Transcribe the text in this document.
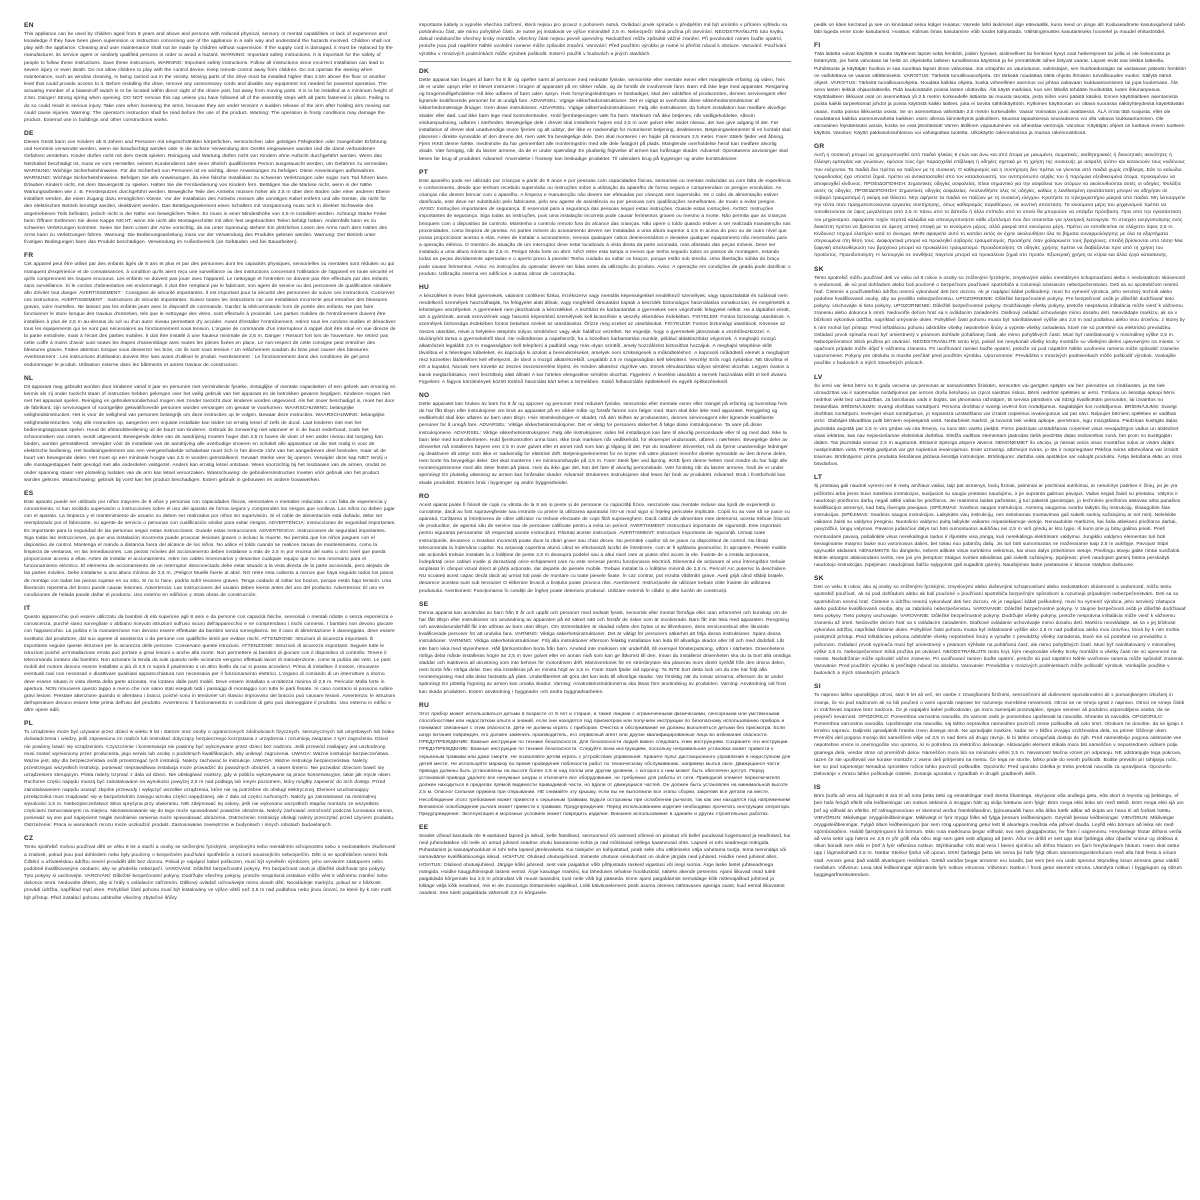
EN

This appliance can be used by children aged from 8 years and above and persons with reduced physical, sensory or mental capabilities or lack of experience and knowledge if they have been given supervision or instruction concerning use of the appliance in a safe way and understand the hazards involved. Children shall not play with the appliance. Cleaning and user maintenance shall not be made by children without supervision. If the supply cord is damaged, it must be replaced by the manufacturer, its service agent or similarly qualified persons in order to avoid a hazard. WARNING: Important safety instructions. It is important for the safety of people to follow these instructions. Save these instructions. WARNING: Important safety instructions. Follow all instructions since incorrect installation can lead to severe injury or even death. Do not allow children to play with the control device. Keep remote control away from children. Do not operate the awning when maintenance, such as window cleaning, is being carried out in the vicinity. Moving parts of the drive must be installed higher than 2.5m above the floor or another level that could provide access to it. Before installing the drive, remove any unnecessary cords and disable any equipment not needed for powered operation. The actuating member of a biased-off switch is to be located within direct sight of the driven part, but away from moving parts. It is to be installed at a minimum height of 2.5m. Danger! Strong spring when opening. DO NOT remove this cap unless you have followed all of the assembly steps with all parts fastened in place. Failing to do so could result in serious injury. Take care when loosening the arms, because they are under tension! A sudden release of the arm after holding arm moving out could cause injuries. Warning: The operator's instruction shall be read before the use of the product. Warning: The operation in frosty conditions may damage the product. External use in buildings and other constructions works.

DE

Dieses Gerät kann von Kindern ab 8 Jahren und Personen mit eingeschränkten körperlichen, sensorischen oder geistigen Fähigkeiten oder mangelnder Erfahrung und Kenntnis verwendet werden, wenn sie beaufsichtigt werden oder in die sichere Verwendung des Geräts eingewiesen wurden und die damit verbundenen Gefahren verstehen. Kinder dürfen nicht mit dem Gerät spielen. Reinigung und Wartung dürfen nicht von Kindern ohne Aufsicht durchgeführt werden. Wenn das Netzkabel beschädigt ist, muss es vom Hersteller, seinem Kundendienst oder einer ähnlich qualifizierten Person ausgetauscht werden, um Gefahren zu vermeiden. WARNUNG: Wichtige Sicherheitshinweise. Für die Sicherheit von Personen ist es wichtig, diese Anweisungen zu befolgen. Diese Anweisungen aufbewahren. WARNUNG: Wichtige Sicherheitshinweise. Befolgen Sie alle Anweisungen, da eine falsche Installation zu schweren Verletzungen oder sogar zum Tod führen kann. Erlauben Kindern nicht, mit dem Steuergerät zu spielen. Halten Sie die Fernbedienung von Kindern fern. Betätigen Sie die Markise nicht, wenn in der Nähe Wartungsarbeiten wie z. B. Fensterputzen durchgeführt werden. Bewegliche Teile des Antriebs müssen höher als 2,5 m über dem Boden oder einer anderen Ebene installiert werden, die einen Zugang dazu ermöglichen könnte. Vor der Installation des Antriebs müssen alle unnötigen Kabel entfernt und alle Geräte, die nicht für den elektrischen Betrieb benötigt werden, deaktiviert werden. Das Betätigungselement eines Schalters mit Vorspannung muss sich in direkter Sichtweite des angetriebenen Teils befinden, jedoch nicht in der Nähe von beweglichen Teilen. Es muss in einer Mindesthöhe von 2,5 m installiert werden. Achtung! Starke Feder beim Öffnen! Entfernen Sie diese Kappe NICHT, wenn Sie nicht alle Montageschritte mit allen fest angebrachten Teilen befolgt haben. Andernfalls kann es zu schweren Verletzungen kommen. Seien Sie beim Lösen der Arme vorsichtig, da sie unter Spannung stehen! Ein plötzliches Lösen des Arms nach dem Halten des Arms kann zu Verletzungen führen. Warnung: Die Bedienungsanleitung muss vor der Verwendung des Produkts gelesen werden. Warnung: Der Betrieb unter frostigen Bedingungen kann das Produkt beschädigen. Verwendung im Außenbereich (an Gebäuden und bei Bauarbeiten).

FR

Cet appareil peut être utilisé par des enfants âgés de 8 ans et plus et par des personnes dont les capacités physiques, sensorielles ou mentales sont réduites ou qui manquent d'expérience et de connaissances, à condition qu'ils aient reçu une surveillance ou des instructions concernant l'utilisation de l'appareil en toute sécurité et qu'ils comprennent les risques encourus. Les enfants ne doivent pas jouer avec l'appareil. Le nettoyage et l'entretien ne doivent pas être effectués par des enfants sans surveillance. Si le cordon d'alimentation est endommagé, il doit être remplacé par le fabricant, son agent de service ou des personnes de qualification similaire afin d'éviter tout danger. AVERTISSEMENT : Consignes de sécurité importantes. Il est important pour la sécurité des personnes de suivre ces instructions. Conservez ces instructions. AVERTISSEMENT : Instructions de sécurité importantes. Suivez toutes les instructions car une installation incorrecte peut entraîner des blessures graves, voire mortelles. Ne laissez pas les enfants jouer avec le dispositif de commande. Gardez la télécommande hors de portée des enfants. Ne pas faire fonctionner le store lorsque des travaux d'entretien, tels que le nettoyage des vitres, sont effectués à proximité. Les parties mobiles de l'entraînement doivent être installées à plus de 2,5 m au-dessus du sol ou d'un autre niveau permettant d'y accéder. Avant d'installer l'entraînement, retirez tous les cordons inutiles et désactivez tous les équipements qui ne sont pas nécessaires au fonctionnement sous tension. L'organe de commande d'un interrupteur à rappel doit être situé en vue directe de la partie entraînée, mais à l'écart des parties mobiles. Il doit être installé à une hauteur minimale de 2,5 m. Danger ! Ressort fort lors de l'ouverture. Ne retirez pas cette coiffe à moins d'avoir suivi toutes les étapes d'assemblage avec toutes les pièces fixées en place. Le non-respect de cette consigne peut entraîner des blessures graves. Faites attention lorsque vous desserrez les bras, car ils sont sous tension ! Un relâchement soudain du bras peut causer des blessures. Avertissement : Les instructions d'utilisation doivent être lues avant d'utiliser le produit. Avertissement : Le fonctionnement dans des conditions de gel peut endommager le produit. Utilisation externe dans les bâtiments et autres travaux de construction.

NL

Dit apparaat mag gebruikt worden door kinderen vanaf 8 jaar en personen met verminderde fysieke, zintuiglijke of mentale capaciteiten of een gebrek aan ervaring en kennis als zij onder toezicht staan of instructies hebben gekregen over het veilig gebruik van het apparaat en de betrokken gevaren begrijpen. Kinderen mogen niet met het apparaat spelen. Reiniging en gebruikersonderhoud mogen niet zonder toezicht door kinderen worden uitgevoerd. Als het snoer beschadigd is, moet het door de fabrikant, zijn serviceagent of soortgelijke gekwalificeerde personen worden vervangen om gevaar te voorkomen. WAARSCHUWING: belangrijke veiligheidsinstructies. Het is voor de veiligheid van personen belangrijk om deze instructies op te volgen. Bewaar deze instructies. WAARSCHUWING: belangrijke veiligheidsinstructies. Volg alle instructies op, aangezien een onjuiste installatie kan leiden tot ernstig letsel of zelfs de dood. Laat kinderen niet met het bedieningsapparaat spelen. Houd de afstandsbediening uit de buurt van kinderen. Gebruik de zonwering niet wanneer er in de buurt onderhoud, zoals het schoonmaken van ramen, wordt uitgevoerd. Bewegende delen van de aandrijving moeten hoger dan 2,5 m boven de vloer of een ander niveau dat toegang kan bieden, worden geïnstalleerd. Verwijder vóór de installatie van de aandrijving alle overbodige snoeren en schakel alle apparatuur uit die niet nodig is voor de elektrische bediening. Het bedieningselement van een veergeschakelde schakelaar moet zich in het directe zicht van het aangedreven deel bevinden, maar uit de buurt van bewegende delen. Het moet op een minimale hoogte van 2,5 m worden geïnstalleerd. Gevaar! Sterke veer bij openen. Verwijder deze kap NIET tenzij u alle montagestappen hebt gevolgd met alle onderdelen vastgezet. Anders kan ernstig letsel ontstaan. Wees voorzichtig bij het losdraaien van de armen, omdat ze onder spanning staan! Het plotseling loslaten van de arm kan letsel veroorzaken. Waarschuwing: de gebruikersinstructies moeten vóór gebruik van het product worden gelezen. Waarschuwing: gebruik bij vorst kan het product beschadigen. Extern gebruik in gebouwen en andere bouwwerken.

ES

Este aparato puede ser utilizado por niños mayores de 8 años y personas con capacidades físicas, sensoriales o mentales reducidas o con falta de experiencia y conocimiento, si han recibido supervisión o instrucciones sobre el uso del aparato de forma segura y comprenden los riesgos que conlleva. Los niños no deben jugar con el aparato. La limpieza y el mantenimiento de usuario no deben ser realizados por niños sin supervisión. Si el cable de alimentación está dañado, debe ser reemplazado por el fabricante, su agente de servicio o personas con cualificación similar para evitar riesgos. ADVERTENCIA: Instrucciones de seguridad importantes. Es importante para la seguridad de las personas seguir estas instrucciones. Guarde estas instrucciones. ADVERTENCIA: Instrucciones de seguridad importantes. Siga todas las instrucciones, ya que una instalación incorrecta puede provocar lesiones graves o incluso la muerte. No permita que los niños jueguen con el dispositivo de control. Mantenga el mando a distancia fuera del alcance de los niños. No utilice el toldo cuando se realicen tareas de mantenimiento, como la limpieza de ventanas, en las inmediaciones. Las piezas móviles del accionamiento deben instalarse a más de 2,5 m por encima del suelo u otro nivel que pueda proporcionar acceso a ellas. Antes de instalar el accionamiento, retire los cables innecesarios y desactive cualquier equipo que no sea necesario para el funcionamiento eléctrico. El elemento de accionamiento de un interruptor desconectado debe estar situado a la vista directa de la parte accionada, pero alejado de las partes móviles. Debe instalarse a una altura mínima de 2,5 m. ¡Peligro! Muelle fuerte al abrir. NO retire esta cubierta a menos que haya seguido todos los pasos de montaje con todas las piezas sujetas en su sitio. Si no lo hace, podría sufrir lesiones graves. Tenga cuidado al soltar los brazos, porque están bajo tensión. Una liberación repentina del brazo puede causar lesiones. Advertencia: Las instrucciones del usuario deben leerse antes del uso del producto. Advertencia: El uso en condiciones de helada puede dañar el producto. Uso externo en edificios y otras obras de construcción.

IT

Questo apparecchio può essere utilizzato da bambini di età superiore agli 8 anni e da persone con capacità fisiche, sensoriali o mentali ridotte o senza esperienza e conoscenza, purché siano sorvegliate o abbiano ricevuto istruzioni sull'uso sicuro dell'apparecchio e ne comprendano i rischi connessi. I bambini non devono giocare con l'apparecchio. La pulizia e la manutenzione non devono essere effettuate da bambini senza sorveglianza. Se il cavo di alimentazione è danneggiato, deve essere sostituito dal produttore, dal suo agente di assistenza o da persone con qualifiche simili per evitare rischi. ATTENZIONE: Istruzioni di sicurezza importanti. È importante seguire queste istruzioni per la sicurezza delle persone. Conservare queste istruzioni. ATTENZIONE: Istruzioni di sicurezza importanti. Seguire tutte le istruzioni poiché un'installazione errata può portare a gravi lesioni o anche alla morte. Non permettere ai bambini di giocare con il dispositivo di controllo. Tenere il telecomando lontano dai bambini. Non azionare la tenda da sole quando nelle vicinanze vengono effettuati lavori di manutenzione, come la pulizia dei vetri. Le parti mobili del motore devono essere installate a più di 2,5 m sopra il pavimento o un altro livello da cui si possa accedervi. Prima di installare il motore, rimuovere eventuali cavi non necessari e disattivare qualsiasi apparecchiatura non necessaria per il funzionamento elettrico. L'organo di comando di un interruttore a ritorno deve essere situato in vista diretta della parte azionata, ma lontano dalle parti mobili. Deve essere installato a un'altezza minima di 2,5 m. Pericolo! Molla forte in apertura. NON rimuovere questo tappo a meno che non siano stati eseguiti tutti i passaggi di montaggio con tutte le parti fissate. In caso contrario si possono subire gravi lesioni. Prestare attenzione quando si allentano i bracci, poiché sono in tensione! Un rilascio improvviso del braccio può causare lesioni. Avvertenza: le istruzioni dell'operatore devono essere lette prima dell'uso del prodotto. Avvertenza: il funzionamento in condizioni di gelo può danneggiare il prodotto. Uso esterno in edifici e altre opere edili.

PL

To urządzenie może być używane przez dzieci w wieku 8 lat i starsze oraz osoby o ograniczonych zdolnościach fizycznych, sensorycznych lub umysłowych lub braku doświadczenia i wiedzy, jeśli zapewniono im nadzór lub instruktaż dotyczący bezpiecznego korzystania z urządzenia i rozumieją związane z tym zagrożenia. Dzieci nie powinny bawić się urządzeniem. Czyszczenie i konserwacja nie powinny być wykonywane przez dzieci bez nadzoru. Jeśli przewód zasilający jest uszkodzony, musi zostać wymieniony przez producenta, jego serwis lub osobę o podobnych kwalifikacjach, aby uniknąć zagrożenia. UWAGA: Ważne instrukcje bezpieczeństwa. Ważne jest, aby dla bezpieczeństwa osób przestrzegać tych instrukcji. Należy zachować te instrukcje. UWAGA: Ważne instrukcje bezpieczeństwa. Należy przestrzegać wszystkich instrukcji, ponieważ nieprawidłowa instalacja może prowadzić do poważnych obrażeń, a nawet śmierci. Nie pozwalać dzieciom bawić się urządzeniem sterującym. Pilota należy trzymać z dala od dzieci. Nie obsługiwać markizy, gdy w pobliżu wykonywane są prace konserwacyjne, takie jak mycie okien. Ruchome części napędu muszą być zainstalowane na wysokości powyżej 2,5 m nad podłogą lub innym poziomem, który mógłby zapewnić do nich dostęp. Przed zainstalowaniem napędu usunąć zbędne przewody i wyłączyć wszelkie urządzenia, które nie są potrzebne do obsługi elektrycznej. Element uruchamiający przełącznika musi znajdować się w bezpośrednim zasięgu wzroku części napędzanej, ale z dala od części ruchomych. Należy go zainstalować na minimalnej wysokości 2,5 m. Niebezpieczeństwo! Silna sprężyna przy otwieraniu. NIE zdejmować tej osłony, jeśli nie wykonano wszystkich etapów montażu ze wszystkimi częściami zamocowanymi na miejscu. Niezastosowanie się do tego może spowodować poważne obrażenia. Należy zachować ostrożność podczas luzowania ramion, ponieważ są one pod napięciem! Nagłe zwolnienie ramienia może spowodować obrażenia. Ostrzeżenie: Instrukcję obsługi należy przeczytać przed użyciem produktu. Ostrzeżenie: Praca w warunkach mrozu może uszkodzić produkt. Zastosowanie zewnętrzne w budynkach i innych robotach budowlanych.

CZ

Tento spotřebič mohou používat děti ve věku 8 let a starší a osoby se sníženými fyzickými, smyslovými nebo mentálními schopnostmi nebo s nedostatkem zkušeností a znalostí, pokud jsou pod dohledem nebo byly poučeny o bezpečném používání spotřebiče a rozumí souvisejícím nebezpečím. Děti si se spotřebičem nesmí hrát. Čištění a uživatelskou údržbu nesmí provádět děti bez dozoru. Pokud je napájecí kabel poškozen, musí být vyměněn výrobcem, jeho servisním zástupcem nebo podobně kvalifikovanými osobami, aby se předešlo nebezpečí. VAROVÁNÍ: Důležité bezpečnostní pokyny. Pro bezpečnost osob je důležité dodržovat tyto pokyny. Tyto pokyny si uschovejte. VAROVÁNÍ: Důležité bezpečnostní pokyny. Dodržujte všechny pokyny, protože nesprávná instalace může vést k vážnému zranění nebo dokonce smrti. Nedovolte dětem, aby si hrály s ovládacím zařízením. Dálkový ovladač uchovávejte mimo dosah dětí. Neovládejte markýzu, pokud se v blízkosti provádí údržba, například mytí oken. Pohyblivé části pohonu musí být instalovány ve výšce větší než 2,5 m nad podlahou nebo jinou úrovní, ze které by k nim mohl být přístup. Před instalací pohonu odstraňte všechny zbytečné šňůry.

importante kabely a vypněte všechna zařízení, která nejsou pro provoz s pohonem nutná. Ovládací prvek spínače s předpětím má být umístěn v přímém výhledu na poháněnou část, ale mimo pohyblivé části. Je nutné jej instalovat ve výšce minimálně 2,5 m. Nebezpečí! Silná pružina při otevírání. NEODSTRAŇUJTE tuto krytku, dokud nedokončíte všechny kroky montáže, všechny části nejsou pevně upevněny. Nedodržení může způsobit vážné zranění. Při povolování ramen buďte opatrní, protože jsou pod napětím! Náhlé uvolnění ramene může způsobit zranění. Varování: Před použitím výrobku je nutné si přečíst návod k obsluze. Varování: Používání výrobku v mrazivých podmínkách může výrobek poškodit. Externí použití v budovách a jiných stavbách.

DK

Dette apparat kan bruges af børn fra 8 år og opefter samt af personer med nedsatte fysiske, sensoriske eller mentale evner eller manglende erfaring og viden, hvis de er under opsyn eller er blevet instrueret i brugen af apparatet på en sikker måde, og de forstår de involverede farer. Børn må ikke lege med apparatet. Rengøring og brugervedligeholdelse må ikke udføres af børn uden opsyn. Hvis forsyningsledningen er beskadiget, skal den udskiftes af producenten, dennes serviceagent eller lignende kvalificerede personer for at undgå fare. ADVARSEL: Vigtige sikkerhedsinstruktioner. Det er vigtigt at overholde disse sikkerhedsinstruktioner af sikkerhedsmæssige årsager. Gem disse instruktioner. ADVARSEL: Vigtige sikkerhedsinstruktioner. Følg alle instruktioner, da forkert installation kan medføre alvorlige skader eller død. Lad ikke børn lege med kontrolenheden. Hold fjernbetjeningen væk fra børn. Markisen må ikke betjenes, når vedligeholdelse, såsom vinduespudsning, udføres i nærheden. Bevægelige dele i drevet skal installeres højere end 2,5 m over gulvet eller andet niveau, der kan give adgang til det. Før installation af drevet skal unødvendige snore fjernes og alt udstyr, der ikke er nødvendigt for motoriseret betjening, deaktiveres. Betjeningselementet til en kontakt skal placeres i direkte synsvidde af den drevne del, men væk fra bevægelige dele. Den skal monteres i en højde på minimum 2,5 meter. Fare! Stærk fjeder ved åbning. Fjern IKKE denne hætte, medmindre du har gennemført alle monteringstrin med alle dele fastgjort på plads. Manglende overholdelse heraf kan medføre alvorlig skade. Vær forsigtig, når du løsner armene, da de er under spænding! En pludselig frigivelse af armen kan forårsage skader. Advarsel: Operatørens anvisninger skal læses før brug af produktet. Advarsel: Anvendelse i frostvejr kan beskadige produktet. Til udendørs brug på bygninger og andre konstruktioner.

PT

Este aparelho pode ser utilizado por crianças a partir de 8 anos e por pessoas com capacidades físicas, sensoriais ou mentais reduzidas ou com falta de experiência e conhecimento, desde que tenham recebido supervisão ou instruções sobre a utilização do aparelho de forma segura e compreendam os perigos envolvidos. As crianças não devem brincar com o aparelho. A limpeza e manutenção não devem ser efetuadas por crianças sem supervisão. Se o cabo de alimentação estiver danificado, este deve ser substituído pelo fabricante, pelo seu agente de assistência ou por pessoas com qualificações semelhantes, de modo a evitar perigos. AVISO: Instruções importantes de segurança. É essencial para a segurança das pessoas seguir estas instruções. Guarde estas instruções. AVISO: Instruções importantes de segurança. Siga todas as instruções, pois uma instalação incorreta pode causar ferimentos graves ou mesmo a morte. Não permita que as crianças brinquem com o dispositivo de controlo. Mantenha o controlo remoto fora do alcance das crianças. Não opere o toldo quando estiver a ser realizada manutenção nas proximidades, como limpeza de janelas. As partes móveis do acionamento devem ser instaladas a uma altura superior a 2,5 m acima do piso ou de outro nível que possa proporcionar acesso a elas. Antes de instalar o acionamento, remova quaisquer cabos desnecessários e desative qualquer equipamento não necessário para a operação elétrica. O membro de atuação de um interruptor deve estar localizado à vista direta da parte acionada, mas afastado das peças móveis. Deve ser instalado a uma altura mínima de 2,5 m. Perigo! Mola forte ao abrir. NÃO retire esta tampa a menos que tenha seguido todos os passos de montagem, estando todas as peças devidamente apertadas e o aperto preso à parede! Tenha cuidado ao soltar os braços, porque estão sob tensão. Uma libertação súbita do braço pode causar ferimentos. Aviso: As instruções do operador devem ser lidas antes da utilização do produto. Aviso: A operação em condições de geada pode danificar o produto. Utilização externa em edifícios e outras obras de construção.

HU

A készüléket 8 éven felüli gyermekek, valamint csökkent fizikai, érzékszervi vagy mentális képességekkel rendelkező személyek, vagy tapasztalattal és tudással nem rendelkező személyek használhatják, ha felügyelet alatt állnak, vagy megfelelő útmutatást kaptak a készülék biztonságos használatára vonatkozóan, és megértették a lehetséges veszélyeket. A gyermekek nem játszhatnak a készülékkel. A tisztítást és karbantartást a gyermekek nem végezhetik felügyelet nélkül. Ha a tápkábel sérült, azt a gyártónak, annak szervizének vagy hasonló képesítésű személynek kell kicserélnie a veszély elkerülése érdekében. FIGYELEM: Fontos biztonsági utasítások. A személyek biztonsága érdekében fontos betartani ezeket az utasításokat. Őrizze meg ezeket az utasításokat. FIGYELEM: Fontos biztonsági utasítások. Kövesse az összes utasítást, mivel a helytelen telepítés súlyos sérüléshez vagy akár halálhoz vezethet. Ne engedje, hogy a gyermekek játsszanak a vezérlőeszközzel. A távirányítót tartsa a gyermekektől távol. Ne működtesse a napellenzőt, ha a közelben karbantartási munkát, például ablaktisztítást végeznek. A meghajtó mozgó alkatrészeit legalább 2,5 m magasságban kell telepíteni a padlótól vagy más olyan szinttől, amely hozzáférést biztosíthat hozzájuk. A meghajtó telepítése előtt távolítsa el a felesleges kábeleket, és kapcsolja ki azokat a berendezéseket, amelyek nem szükségesek a működtetéshez. A kapcsoló működtető elemét a meghajtott rész közvetlen látóterében kell elhelyezni, de távol a mozgó alkatrészektől. Legalább 2,5 m magasságban kell telepíteni. Veszély! Erős rugó nyitáskor. NE távolítsa el ezt a kupakot, hacsak nem követte az összes összeszerelési lépést, és minden alkatrész rögzítve van. Ennek elmulasztása súlyos sérülést okozhat. Legyen óvatos a karok meglazításakor, mert feszültség alatt állnak! A kar hirtelen elengedése sérülést okozhat. Figyelem: A kezelési utasítást a termék használata előtt el kell olvasni. Figyelem: A fagyos körülmények között történő használat kárt tehet a termékben. Külső felhasználás épületeknél és egyéb építkezéseknél.

NO

Dette apparatet kan brukes av barn fra 8 år og oppover og personer med redusert fysiske, sensoriske eller mentale evner eller mangel på erfaring og kunnskap hvis de har fått tilsyn eller instruksjoner om bruk av apparatet på en sikker måte og forstår farene som følger med. Barn skal ikke leke med apparatet. Rengjøring og vedlikehold skal ikke utføres av barn uten tilsyn. Hvis strømledningen er skadet, må den skiftes av produsenten, dennes serviceagent eller lignende kvalifiserte personer for å unngå fare. ADVARSEL: Viktige sikkerhetsinstruksjoner. Det er viktig for personers sikkerhet å følge disse instruksjonene. Ta vare på disse instruksjonene. ADVARSEL: Viktige sikkerhetsinstruksjoner. Følg alle instruksjoner, siden feil installasjon kan føre til alvorlig personskade eller til og med død. Ikke la barn leke med kontrollenheten. Hold fjernkontrollen unna barn. Ikke bruk markisen når vedlikehold, for eksempel vindusvask, utføres i nærheten. Bevegelige deler av drivverket må installeres høyere enn 2,5 m over gulvet eller et annet nivå som kan gi tilgang til det. Før du installerer drivverket, må du fjerne unødvendige ledninger og deaktivere alt utstyr som ikke er nødvendig for elektrisk drift. Betjeningselementet for en bryter må være plassert innenfor direkte synsvidde av den drevne delen, men borte fra bevegelige deler. Det skal monteres i en minimumshøyde på 2,5 m. Fare! Sterk fjær ved åpning. IKKE fjern denne hetten med mindre du har fulgt alle monteringstrinnene med alle deler festet på plass. Hvis du ikke gjør det, kan det føre til alvorlig personskade. Vær forsiktig når du løsner armene, fordi de er under spenning! En plutselig utløsning av armen kan forårsake skader. Advarsel: Brukerens instruksjoner skal leses før bruk av produktet. Advarsel: Bruk i frostforhold kan skade produktet. Ekstern bruk i bygninger og andre byggearbeider.

RO

Acest aparat poate fi folosit de copii cu vârsta de la 8 ani și peste și de persoane cu capacități fizice, senzoriale sau mentale reduse sau lipsă de experiență și cunoștințe, dacă au fost supravegheate sau instruite cu privire la utilizarea aparatului într-un mod sigur și înțeleg pericolele implicate. Copiii nu au voie să se joace cu aparatul. Curățarea și întreținerea de către utilizator nu trebuie efectuate de copii fără supraveghere. Dacă cablul de alimentare este deteriorat, acesta trebuie înlocuit de producător, de agentul său de service sau de persoane calificate pentru a evita un pericol. AVERTISMENT: Instrucțiuni importante de siguranță. Este important pentru siguranța persoanelor să respectați aceste instrucțiuni. Păstrați aceste instrucțiuni. AVERTISMENT: Instrucțiuni importante de siguranță. Urmați toate instrucțiunile, deoarece o instalare incorectă poate duce la răniri grave sau chiar deces. Nu permiteți copiilor să se joace cu dispozitivul de control. Nu lăsați telecomanda la îndemâna copiilor. Nu acționați copertina atunci când se efectuează lucrări de întreținere, cum ar fi spălarea geamurilor, în apropiere. Piesele mobile ale acționării trebuie instalate la o înălțime de peste 2,5 m deasupra podelei sau a altui nivel care ar putea oferi acces la ele. Înainte de a instala acționarea, îndepărtați orice cabluri inutile și dezactivați orice echipament care nu este necesar pentru funcționarea electrică. Elementul de acționare al unui întrerupător trebuie amplasat în câmpul vizual direct al părții acționate, dar departe de piesele mobile. Trebuie instalat la o înălțime minimă de 2,5 m. Pericol! Arc puternic la deschidere. NU scoateți acest capac decât dacă ați urmat toți pașii de montare cu toate piesele fixate. În caz contrar, pot rezulta vătămări grave. Aveți grijă când slăbiți brațele, deoarece acestea sunt sub tensiune! O eliberare bruscă a brațului poate provoca răni. Avertisment: Instrucțiunile de utilizare trebuie citite înainte de utilizarea produsului. Avertisment: Funcționarea în condiții de îngheț poate deteriora produsul. Utilizare externă în clădiri și alte lucrări de construcții.

SE

Denna apparat kan användas av barn från 8 år och uppåt och personer med nedsatt fysisk, sensorisk eller mental förmåga eller utan erfarenhet och kunskap om de har fått tillsyn eller instruktioner om användning av apparaten på ett säkert sätt och förstår de risker som är involverade. Barn får inte leka med apparaten. Rengöring och användarunderhåll får inte utföras av barn utan tillsyn. Om strömsladden är skadad måste den bytas ut av tillverkaren, dess serviceombud eller liknande kvalificerade personer för att undvika fara. VARNING: Viktiga säkerhetsinstruktioner. Det är viktigt för personers säkerhet att följa dessa instruktioner. Spara dessa instruktioner. VARNING: Viktiga säkerhetsinstruktioner. Följ alla instruktioner eftersom felaktig installation kan leda till allvarliga skador eller till och med dödsfall. Låt inte barn leka med styrenheten. Håll fjärrkontrollen borta från barn. Använd inte markisen när underhåll, till exempel fönsterputsning, utförs i närheten. Drivenhetens rörliga delar måste installeras högre än 2,5 m över golvet eller en annan nivå som kan ge åtkomst till den. Innan du installerar drivenheten ska du ta bort alla onödiga sladdar och inaktivera all utrustning som inte behövs för motordriven drift. Manöverdonet för en strömbrytare ska placeras inom direkt synhåll från den drivna delen, men borta från rörliga delar. Den ska installeras på en minsta höjd av 2,5 m. Fara! Stark fjäder vid öppning. Ta INTE bort detta lock om du inte har följt alla monteringssteg med alla delar fastsatta på plats. Underlåtenhet att göra det kan leda till allvarliga skador. Var försiktig när du lossar armarna, eftersom de är under spänning! En plötslig frigöring av armen kan orsaka skador. Varning: Användarinstruktionerna ska läsas före användning av produkten. Varning: Användning vid frost kan skada produkten. Extern användning i byggnader och andra byggnadsarbeten.

RU

Этот прибор может использоваться детьми в возрасте от 8 лет и старше, а также лицами с ограниченными физическими, сенсорными или умственными способностями или недостатком опыта и знаний, если они находятся под присмотром или получили инструкции по безопасному использованию прибора и понимают связанные с этим опасности. Дети не должны играть с прибором. Очистка и обслуживание не должны выполняться детьми без присмотра. Если шнур питания поврежден, его должен заменить производитель, его сервисный агент или другие квалифицированные лица во избежание опасности. ПРЕДУПРЕЖДЕНИЕ: Важные инструкции по технике безопасности. Для безопасности людей важно следовать этим инструкциям. Сохраните эти инструкции. ПРЕДУПРЕЖДЕНИЕ: Важные инструкции по технике безопасности. Следуйте всем инструкциям, поскольку неправильная установка может привести к серьезным травмам или даже смерти. Не позволяйте детям играть с устройством управления. Храните пульт дистанционного управления в недоступном для детей месте. Не используйте маркизу во время проведения поблизости работ по техническому обслуживанию, например мытья окон. Движущиеся части привода должны быть установлены на высоте более 2,5 м над полом или другим уровнем, с которого к ним может быть обеспечен доступ. Перед установкой привода удалите все ненужные шнуры и отключите все оборудование, не требуемое для работы от сети. Приводной элемент переключателя должен находиться в пределах прямой видимости приводимой части, но вдали от движущихся частей. Он должен быть установлен на минимальной высоте 2,5 м. Опасно! Сильная пружина при открывании. НЕ снимайте эту крышку, если вы не выполнили все этапы сборки, закрепив все детали на месте. Несоблюдение этого требования может привести к серьезным травмам. Будьте осторожны при ослаблении рычагов, так как они находятся под напряжением! Внезапное освобождение рычага может привести к травмам. Предупреждение: Перед использованием изделия необходимо прочитать инструкции оператора. Предупреждение: Эксплуатация в морозных условиях может повредить изделие. Внешнее использование в зданиях и других строительных работах.

EE

Seadet võivad kasutada üle 8-aastased lapsed ja isikud, kelle füüsilised, sensoorsed või vaimsed võimed on piiratud või kellel puuduvad kogemused ja teadmised, kui neid juhendatakse või neile on antud juhised seadme ohutu kasutamise kohta ja nad mõistavad sellega kaasnevaid ohte. Lapsed ei tohi seadmega mängida. Puhastamist ja kasutajahooldust ei tohi teha lapsed järelevalveta. Kui toitejuhe on kahjustatud, peab selle ohu vältimiseks välja vahetama tootja, tema teenindaja või samaväärse kvalifikatsiooniga isikud. HOIATUS: Olulised ohutusjuhised. Inimeste ohutuse seisukohast on oluline järgida neid juhiseid. Hoidke need juhised alles. HOIATUS: Olulised ohutusjuhised. Järgige kõiki juhiseid, sest vale paigaldus võib põhjustada raskeid vigastusi või isegi surma. Ärge laske lastel juhtseadmega mängida. Hoidke kaugjuhtimispult lastest eemal. Ärge kasutage markiisi, kui läheduses tehakse hooldustöid, näiteks akende pesemist. Ajami liikuvad osad tuleb paigaldada kõrgemale kui 2,5 m põrandast või muust tasandist, kust neile võib ligi pääseda. Enne ajami paigaldamist eemaldage kõik mittevajalikud juhtmed ja lülitage välja kõik seadmed, mis ei ole mootoriga töötamiseks vajalikud. Lüliti käivituselement peab asuma otseses nähtavuses ajamiga osast, kuid eemal liikuvatest osadest. See tuleb paigaldada vähemalt 2,5 m kõrgusele.

peidik on käes kerzatud ja see on kinnitatud seina külge! Hoiatus: Varrede lahti laskmisel olge ettevaatlik, kuna need on pinge all! Koduseadmete kasutusjuhend tuleb läbi lugeda enne toote kasutamist. Hoiatus: Külmas ilmas kasutamine võib toodet kahjustada. Välistingimustes kasutamiseks hoonetel ja muudel ehitustöödel.

FI

Tätä laitetta voivat käyttää 8 vuotta täyttäneet lapset sekä henkilöt, joiden fyysiset, aistimelliset tai henkiset kyvyt ovat heikentyneet tai joilla ei ole kokemusta ja tietämystä, jos heitä valvotaan tai heitä on ohjeistettu laitteen turvallisessa käytössä ja he ymmärtävät siihen liittyvät vaarat. Lapset eivät saa leikkiä laitteella. Puhdistusta ja käyttäjän huoltoa ei saa suorittaa lapset ilman valvontaa. Jos virtajohto on vaurioitunut, valmistajan, sen huoltoedustajan tai vastaavan pätevän henkilön on vaihdettava se vaaran välttämiseksi. VAROITUS: Tärkeitä turvallisuusohjeita. On tärkeää noudattaa näitä ohjeita ihmisten turvallisuuden vuoksi. Säilytä nämä ohjeet. VAROITUS: Tärkeitä turvallisuusohjeita. Noudata kaikkia ohjeita, koska virheellinen asennus voi johtaa vakavaan loukkaantumiseen tai jopa kuolemaan. Älä anna lasten leikkiä ohjauslaitteella. Pidä kaukosäädin poissa lasten ulottuvilta. Älä käytä markiisia, kun sen lähellä tehdään huoltotöitä, kuten ikkunanpesua. Käyttölaitteen liikkuvat osat on asennettava yli 2,5 metrin korkeudelle lattiasta tai muusta tasosta, josta niihin voisi päästä käsiksi. Ennen käyttölaitteen asentamista poista kaikki tarpeettomat johdot ja poista käytöstä kaikki laitteet, joita ei tarvita sähkökäyttöön. Kytkimen käyttöosan on oltava suorassa näköyhteydessä käytettävään osaan, mutta poissa liikkuvista osista. Se on asennettava vähintään 2,5 metrin korkeudelle. Vaara! Voimakas jousi avattaessa. ÄLÄ irrota tätä suojusta, ellet ole noudattanut kaikkia asennusvaiheita kaikkien osien ollessa kiinnitettyinä paikoilleen. Muussa tapauksessa seurauksena voi olla vakava loukkaantuminen. Ole varovainen löysätessäsi varsia, koska ne ovat jännitteisiä! Varren äkillinen vapautuminen voi aiheuttaa vammoja. Varoitus: Käyttäjän ohjeet on luettava ennen tuotteen käyttöä. Varoitus: Käyttö pakkasolosuhteissa voi vahingoittaa tuotetta. Ulkokäyttö rakennuksissa ja muissa rakennustöissä.

GR

Αυτή η συσκευή μπορεί να χρησιμοποιηθεί από παιδιά ηλικίας 8 ετών και άνω και από άτομα με μειωμένες σωματικές, αισθητηριακές ή διανοητικές ικανότητες ή έλλειψη εμπειρίας και γνώσεων, εφόσον τους έχει παρασχεθεί επίβλεψη ή οδηγίες σχετικά με τη χρήση της συσκευής με ασφαλή τρόπο και κατανοούν τους κινδύνους που ενέχονται. Τα παιδιά δεν πρέπει να παίζουν με τη συσκευή. Ο καθαρισμός και η συντήρηση δεν πρέπει να γίνονται από παιδιά χωρίς επίβλεψη. Εάν το καλώδιο τροφοδοσίας έχει υποστεί ζημιά, πρέπει να αντικατασταθεί από τον κατασκευαστή, τον αντιπρόσωπο σέρβις του ή παρόμοια εξειδικευμένα άτομα, προκειμένου να αποφευχθεί κίνδυνος. ΠΡΟΕΙΔΟΠΟΙΗΣΗ: Σημαντικές οδηγίες ασφαλείας. Είναι σημαντικό για την ασφάλεια των ατόμων να ακολουθούνται αυτές οι οδηγίες. Φυλάξτε αυτές τις οδηγίες. ΠΡΟΕΙΔΟΠΟΙΗΣΗ: Σημαντικές οδηγίες ασφαλείας. Ακολουθήστε όλες τις οδηγίες, καθώς η λανθασμένη εγκατάσταση μπορεί να οδηγήσει σε σοβαρό τραυματισμό ή ακόμη και θάνατο. Μην αφήνετε τα παιδιά να παίζουν με τη συσκευή ελέγχου. Κρατήστε το τηλεχειριστήριο μακριά από παιδιά. Μη λειτουργείτε την τέντα όταν πραγματοποιούνται εργασίες συντήρησης, όπως καθαρισμός παραθύρων, σε κοντινή απόσταση. Τα κινούμενα μέρη του μηχανισμού πρέπει να τοποθετούνται σε ύψος μεγαλύτερο από 2,5 m πάνω από το δάπεδο ή άλλο επίπεδο από το οποίο θα μπορούσε να υπάρξει πρόσβαση. Πριν από την εγκατάσταση του μηχανισμού, αφαιρέστε τυχόν περιττά καλώδια και απενεργοποιήστε κάθε εξοπλισμό που δεν απαιτείται για ηλεκτρική λειτουργία. Το στοιχείο ενεργοποίησης ενός διακόπτη πρέπει να βρίσκεται σε άμεση οπτική επαφή με το κινούμενο μέρος, αλλά μακριά από κινούμενα μέρη. Πρέπει να τοποθετείται σε ελάχιστο ύψος 2,5 m. Κίνδυνος! Ισχυρό ελατήριο κατά το άνοιγμα. ΜΗΝ αφαιρείτε αυτό το καπάκι εκτός αν έχετε ακολουθήσει όλα τα βήματα συναρμολόγησης με όλα τα εξαρτήματα στερεωμένα στη θέση τους. Διαφορετικά μπορεί να προκληθεί σοβαρός τραυματισμός. Προσέχετε όταν χαλαρώνετε τους βραχίονες, επειδή βρίσκονται υπό τάση! Μια ξαφνική απελευθέρωση του βραχίονα μπορεί να προκαλέσει τραυματισμό. Προειδοποίηση: Οι οδηγίες χρήσης πρέπει να διαβάζονται πριν από τη χρήση του προϊόντος. Προειδοποίηση: Η λειτουργία σε συνθήκες παγετού μπορεί να προκαλέσει ζημιά στο προϊόν. Εξωτερική χρήση σε κτίρια και άλλα έργα κατασκευής.

SK

Tento spotrebič môžu používať deti vo veku od 8 rokov a osoby so zníženými fyzickými, zmyslovými alebo mentálnymi schopnosťami alebo s nedostatkom skúseností a vedomostí, ak sú pod dohľadom alebo boli poučené o bezpečnom používaní spotrebiča a rozumejú súvisiacim nebezpečenstvám. Deti sa so spotrebičom nesmú hrať. Čistenie a používateľskú údržbu nesmú vykonávať deti bez dozoru. Ak je napájací kábel poškodený, musí ho vymeniť výrobca, jeho servisný technik alebo podobne kvalifikované osoby, aby sa predišlo nebezpečenstvu. UPOZORNENIE: Dôležité bezpečnostné pokyny. Pre bezpečnosť osôb je dôležité dodržiavať tieto pokyny. Uschovajte si tieto pokyny. UPOZORNENIE: Dôležité bezpečnostné pokyny. Dodržiavajte všetky pokyny, pretože nesprávna inštalácia môže viesť k vážnemu zraneniu alebo dokonca k smrti. Nedovoľte deťom hrať sa s ovládacím zariadením. Diaľkový ovládač uchovávajte mimo dosahu detí. Neovládajte markízu, ak sa v blízkosti vykonáva údržba, napríklad umývanie okien. Pohyblivé časti pohonu musia byť nainštalované vyššie ako 2,5 m nad podlahou alebo inou úrovňou, z ktorej by k nim mohol byť prístup. Pred inštaláciou pohonu odstráňte všetky nepotrebné šnúry a vypnite všetky zariadenia, ktoré nie sú potrebné na elektrickú prevádzku. Ovládací prvok spínača musí byť umiestnený v priamom dohľade poháňanej časti, ale mimo pohyblivých častí. Musí byť nainštalovaný v minimálnej výške 2,5 m. Nebezpečenstvo! Silná pružina pri otváraní. NEODSTRAŇUJTE tento kryt, pokiaľ ste nevykonali všetky kroky montáže so všetkými dielmi upevnenými na mieste. V opačnom prípade môže dôjsť k vážnemu zraneniu. Pri uvoľňovaní ramien buďte opatrní, pretože sú pod napätím! Náhle uvoľnenie ramena môže spôsobiť zranenie. Upozornenie: Pokyny pre obsluhu si musíte prečítať pred použitím výrobku. Upozornenie: Prevádzka v mrazivých podmienkach môže poškodiť výrobok. Vonkajšie použitie v budovách a iných stavebných prácach.

LV

Šo ierīci var lietot bērni no 8 gadu vecuma un personas ar samazinātām fiziskām, sensorām vai garīgām spējām vai bez pieredzes un zināšanām, ja tās tiek uzraudzītas vai ir saņēmušas norādījumus par ierīces drošu lietošanu un izprot saistītos riskus. Bērni nedrīkst spēlēties ar ierīci. Tīrīšanu un lietotāja apkopi bērni nedrīkst veikt bez uzraudzības. Ja barošanas vads ir bojāts, tas jānomaina ražotājam, tā servisa pārstāvim vai līdzīgi kvalificētām personām, lai izvairītos no bīstamības. BRĪDINĀJUMS: Svarīgi drošības norādījumi. Personu drošībai ir svarīgi ievērot šos norādījumus. Saglabājiet šos norādījumus. BRĪDINĀJUMS: Svarīgi drošības norādījumi. Ievērojiet visus norādījumus, jo nepareiza uzstādīšana var izraisīt nopietnus ievainojumus vai pat nāvi. Neļaujiet bērniem spēlēties ar vadības ierīci. Glabājiet tālvadības pulti bērniem nepieejamā vietā. Nedarbiniet markīzi, ja tuvumā tiek veikta apkope, piemēram, logu mazgāšana. Piedziņas kustīgās daļas jāuzstāda augstāk par 2,5 m virs grīdas vai cita līmeņa, no kura tām varētu piekļūt. Pirms piedziņas uzstādīšanas noņemiet visus nevajadzīgos vadus un atslēdziet visas iekārtas, kas nav nepieciešamas elektriskai darbībai. Slēdža vadības elementam jāatrodas tiešā piedzītās daļas redzamības zonā, bet prom no kustīgajām daļām. Tas jāuzstāda vismaz 2,5 m augstumā. Bīstami! Spēcīga atspere atverot. NENOŅEMIET šo vāciņu, ja neesat veicis visus montāžas soļus ar visām daļām nostiprinātām vietā. Pretējā gadījumā var gūt nopietnus ievainojumus. Esiet uzmanīgi, atbrīvojot sviras, jo tās ir nospriegotas! Pēkšņa sviras atbrīvošana var izraisīt traumas. Brīdinājums: pirms produkta lietošanas jāizlasa lietotāja instrukcijas. Brīdinājums: darbība sala apstākļos var sabojāt produktu. Ārēja lietošana ēkās un citos būvdarbos.

LT

Šį prietaisą gali naudoti vyresni nei 8 metų amžiaus vaikai, taip pat asmenys, kurių fiziniai, jutiminiai ar psichiniai sutrikimai, ar neturintys patirties ir žinių, jei jie yra prižiūrimi arba jiems buvo suteiktos instrukcijos, susijusios su saugiu prietaiso naudojimu, ir jie supranta galimus pavojus. Vaikai negali žaisti su prietaisu. Valymo ir naudotojo priežiūros darbų negali atlikti vaikai be priežiūros. Jei maitinimo laidas pažeistas, jį turi pakeisti gamintojas, jo techninės priežiūros atstovas arba panašios kvalifikacijos asmenys, kad būtų išvengta pavojaus. ĮSPĖJIMAS: Svarbios saugos instrukcijos. Asmenų saugumui svarbu laikytis šių instrukcijų. Išsaugokite šias instrukcijas. ĮSPĖJIMAS: Svarbios saugos instrukcijos. Laikykitės visų instrukcijų, nes netinkamas montavimas gali sukelti sunkių sužalojimų ar net mirtį. Neleiskite vaikams žaisti su valdymo įrenginiu. Nuotolinio valdymo pultą laikykite vaikams nepasiekiamoje vietoje. Nenaudokite markizės, kai šalia atliekami priežiūros darbai, pavyzdžiui, langų valymas. Pavaros judančios dalys turi būti sumontuotos aukščiau nei 2,5 m virš grindų ar kito lygio, iš kurio prie jų būtų galima prieiti. Prieš montuodami pavarą, pašalinkite visus nereikalingus laidus ir išjunkite visą įrangą, kuri nereikalinga elektriniam valdymui. Jungiklio valdymo elementas turi būti tiesioginiame matymo lauke nuo varomosios dalies, bet toliau nuo judančių dalių. Jis turi būti sumontuotas ne mažesniame kaip 2,5 m aukštyje. Pavojus! Stipri spyruoklė atidarant. NENUIMKITE šio dangtelio, nebent atlikote visus surinkimo veiksmus, kai visos dalys pritvirtintos vietoje. Priešingu atveju galite rimtai susižaloti. Būkite atsargūs atlaisvindami svirtis, nes jos yra įtemptos! Staigus svirties atleidimas gali sukelti sužalojimų. Įspėjimas: prieš naudojant gaminį būtina perskaityti naudotojo instrukcijas. Įspėjimas: naudojimas šalčio sąlygomis gali sugadinti gaminį. Naudojimas lauke pastatuose ir kituose statybos darbuose.

SK

Deti vo veku 8 rokov, ako aj osoby so zníženými fyzickými, zmyslovými alebo duševnými schopnosťami alebo nedostatkom skúseností a vedomostí, môžu tento spotrebič používať, ak sú pod dohľadom alebo ak boli poučené o používaní spotrebiča bezpečným spôsobom a rozumejú prípadným nebezpečenstvám. Deti sa so spotrebičom nesmú hrať. Čistenie a údržbu nesmú vykonávať deti bez dozoru. Ak je napájací kábel poškodený, musí ho vymeniť výrobca, jeho servisný zástupca alebo podobne kvalifikovaná osoba, aby sa zabránilo nebezpečenstvu. VAROVANIE: Dôležité bezpečnostné pokyny. V záujme bezpečnosti osôb je dôležité dodržiavať tieto pokyny. Tieto pokyny uschovajte. VAROVANIE: Dôležité bezpečnostné pokyny. Dodržujte všetky pokyny, pretože nesprávna inštalácia môže viesť k vážnemu zraneniu až smrti. Nedovoľte deťom hrať sa s ovládacím zariadením. Diaľkové ovládanie uchovávajte mimo dosahu detí. Markízu neovládajte, ak sa v jej blízkosti vykonáva údržba, napríklad čistenie okien. Pohyblivé časti pohonu musia byť inštalované vyššie ako 2,5 m nad podlahou alebo inou úrovňou, ktorá by k nim mohla poskytnúť prístup. Pred inštaláciou pohonu odstráňte všetky nepotrebné šnúry a vyraďte z prevádzky všetky zariadenia, ktoré nie sú potrebné na prevádzku s pohonom. Ovládací prvok vypínača musí byť umiestnený v priamom výhľade na poháňanú časť, ale mimo pohyblivých častí. Musí byť nainštalovaný v minimálnej výške 2,5 m. Nebezpečenstvo! Silná pružina pri otváraní. NEODSTRAŇUJTE tento kryt, kým nevykonáte všetky kroky montáže a všetky časti nie sú upevnené na mieste. Nedodržanie môže spôsobiť vážne zranenie. Pri uvoľňovaní ramien buďte opatrní, pretože sú pod napätím! Náhle uvoľnenie ramena môže spôsobiť zranenie. Varovanie: Pred použitím výrobku si prečítajte návod na obsluhu. Varovanie: Prevádzka v mrazivých podmienkach môže poškodiť výrobok. Vonkajšie použitie v budovách a iných stavebných prácach.

SI

To napravo lahko uporabljajo otroci, stari 8 let ali več, ter osebe z zmanjšanimi fizičnimi, senzoričnimi ali duševnimi sposobnostmi ali s pomanjkanjem izkušenj in znanja, če so pod nadzorom ali so bili poučeni o varni uporabi naprave ter razumejo morebitne nevarnosti. Otroci se ne smejo igrati z napravo. Otroci ne smejo čistiti in vzdrževati naprave brez nadzora. Če je napajalni kabel poškodovan, ga mora zamenjati proizvajalec, njegov serviser ali podobno usposobljena oseba, da se prepreči nevarnost. OPOZORILO: Pomembna varnostna navodila. Za varnost oseb je pomembno upoštevati ta navodila. Shranite ta navodila. OPOZORILO: Pomembna varnostna navodila. Upoštevajte vsa navodila, saj lahko nepravilna namestitev povzroči resne poškodbe ali celo smrt. Otrokom ne dovolite, da se igrajo s krmilno napravo. Daljinski upravljalnik hranite izven dosega otrok. Ne upravljajte markize, kadar se v bližini izvajajo vzdrževalna dela, na primer čiščenje oken. Premični deli pogona morajo biti nameščeni višje od 2,5 m nad tlemi ali drugo ravnjo, ki bi lahko omogočala dostop do njih. Pred namestitvijo pogona odstranite vse nepotrebne vrvice in onemogočite vso opremo, ki ni potrebna za električno delovanje. Aktivacijski element stikala mora biti nameščen v neposrednem vidnem polju gnanega dela, vendar stran od premičnih delov. Nameščen mora biti na minimalni višini 2,5 m. Nevarnost! Močna vzmet pri odpiranju. NE odstranjujte tega pokrova, razen če ste upoštevali vse korake montaže z vsemi deli pritrjenimi na mestu. Če tega ne storite, lahko pride do resnih poškodb. Bodite previdni pri rahljanju ročic, ker so pod napetostjo! Nenadna sprostitev ročice lahko povzroči poškodbe. Opozorilo: Pred uporabo izdelka je treba prebrati navodila za upravljavca. Opozorilo: Delovanje v mrazu lahko poškoduje izdelek. Zunanja uporaba v zgradbah in drugih gradbenih delih.

IS

Börn þurfa að vera að lágmarki 8 ára til að nota þetta tæki og einstaklingar með skerta líkamlega, skynjunar eða andlega getu, eða skort á reynslu og þekkingu, ef þeir hafa fengið eftirlit eða leiðbeiningar um notkun tækisins á öruggan hátt og skilja hættuna sem fylgir. Börn mega ekki leika sér með tækið. Börn mega ekki sjá um þrif og viðhald án eftirlits. Ef rafmagnssnúran er skemmd verður framleiðandinn, þjónustuaðili hans eða álíka hæfir aðilar að skipta um hana til að forðast hættu. VIÐVÖRUN: Mikilvægar öryggisleiðbeiningar. Mikilvægt er fyrir öryggi fólks að fylgja þessum leiðbeiningum. Geymið þessar leiðbeiningar. VIÐVÖRUN: Mikilvægar öryggisleiðbeiningar. Fylgið öllum leiðbeiningum þar sem röng uppsetning getur leitt til alvarlegra meiðsla eða jafnvel dauða. Leyfið ekki börnum að leika sér með stjórnbúnaðinn. Haldið fjarstýringunni frá börnum. Ekki nota markísuna þegar viðhald, svo sem gluggaþvottur, fer fram í nágrenninu. Hreyfanlegir hlutar drifsins verða að vera settir upp hærra en 2,5 m yfir gólfi eða öðru stigi sem gæti veitt aðgang að þeim. Áður en drifið er sett upp skal fjarlægja allar óþarfar snúrur og slökkva á öllum búnaði sem ekki er þörf á fyrir rafknúna notkun. Stýribúnaður rofa skal vera í beinni sjónlínu við drifna hlutann en fjarri hreyfanlegum hlutum. Hann skal settur upp í lágmarkshæð 2,5 m. Hætta! Sterkur fjöður við opnun. EKKI fjarlægja þetta lok nema þú hafir fylgt öllum samsetningarskrefunum með alla hluti festa á sínum stað. Annars getur það valdið alvarlegum meiðslum. Gætið varúðar þegar armarnir eru losaðir, þar sem þeir eru undir spennu! Skyndileg losun armsins getur valdið meiðslum. Viðvörun: Lesa skal leiðbeiningar stjórnanda fyrir notkun vörunnar. Viðvörun: Notkun í frosti getur skemmt vöruna. Utandyra notkun í byggingum og öðrum byggingarframkvæmdum.
